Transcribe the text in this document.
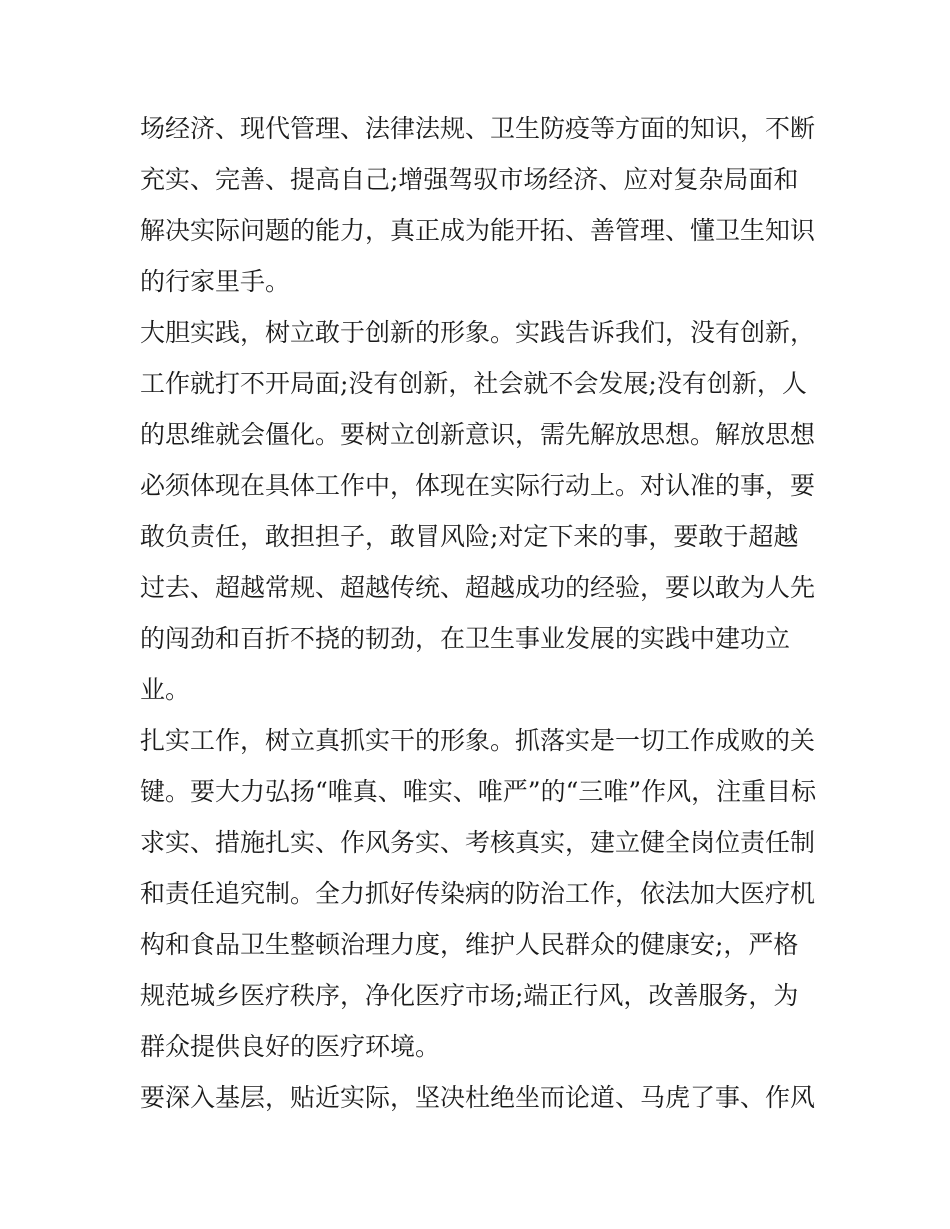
场经济、现代管理、法律法规、卫生防疫等方面的知识，不断
充实、完善、提高自己;增强驾驭市场经济、应对复杂局面和
解决实际问题的能力，真正成为能开拓、善管理、懂卫生知识
的行家里手。
大胆实践，树立敢于创新的形象。实践告诉我们，没有创新，
工作就打不开局面;没有创新，社会就不会发展;没有创新，人
的思维就会僵化。要树立创新意识，需先解放思想。解放思想
必须体现在具体工作中，体现在实际行动上。对认准的事，要
敢负责任，敢担担子，敢冒风险;对定下来的事，要敢于超越
过去、超越常规、超越传统、超越成功的经验，要以敢为人先
的闯劲和百折不挠的韧劲，在卫生事业发展的实践中建功立
业。
扎实工作，树立真抓实干的形象。抓落实是一切工作成败的关
键。要大力弘扬“唯真、唯实、唯严”的“三唯”作风，注重目标
求实、措施扎实、作风务实、考核真实，建立健全岗位责任制
和责任追究制。全力抓好传染病的防治工作，依法加大医疗机
构和食品卫生整顿治理力度，维护人民群众的健康安;，严格
规范城乡医疗秩序，净化医疗市场;端正行风，改善服务，为
群众提供良好的医疗环境。
要深入基层，贴近实际，坚决杜绝坐而论道、马虎了事、作风
